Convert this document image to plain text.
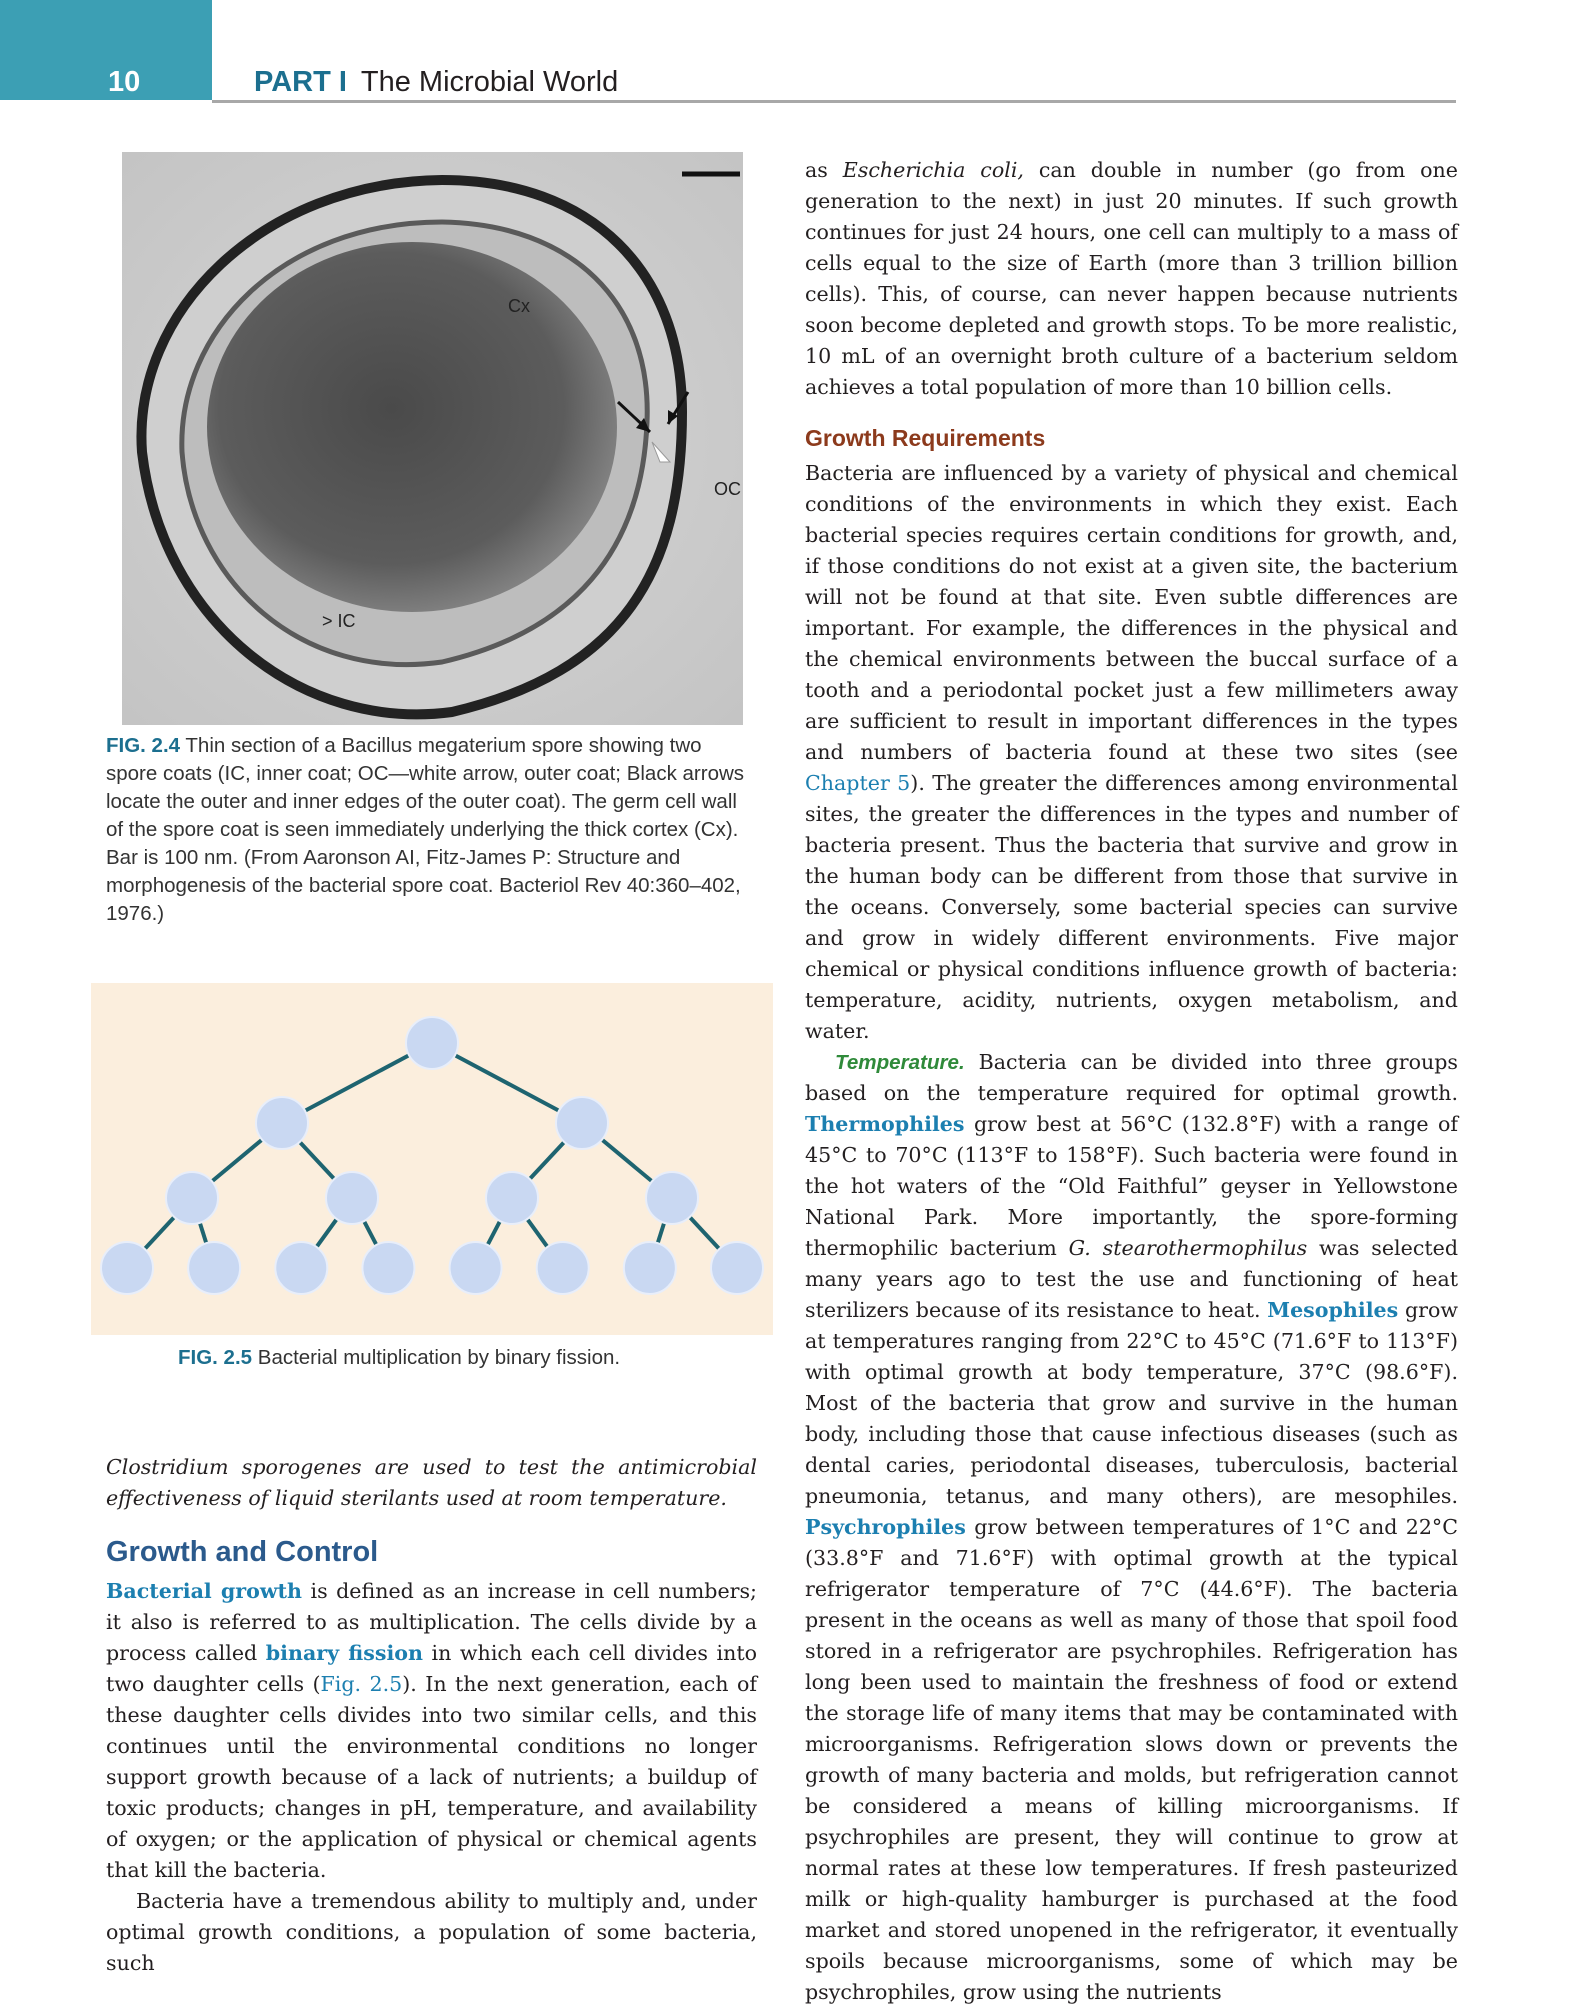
10	PART I The Microbial World
Cx
OC
> IC
FIG. 2.4 Thin section of a Bacillus megaterium spore showing two spore coats (IC, inner coat; OC—white arrow, outer coat; Black arrows locate the outer and inner edges of the outer coat). The germ cell wall of the spore coat is seen immediately underlying the thick cortex (Cx). Bar is 100 nm. (From Aaronson AI, Fitz-James P: Structure and morphogenesis of the bacterial spore coat. Bacteriol Rev 40:360–402, 1976.)
FIG. 2.5 Bacterial multiplication by binary fission.

Clostridium sporogenes are used to test the antimicrobial effectiveness of liquid sterilants used at room temperature.

Growth and Control

Bacterial growth is defined as an increase in cell numbers; it also is referred to as multiplication. The cells divide by a process called binary fission in which each cell divides into two daughter cells (Fig. 2.5). In the next generation, each of these daughter cells divides into two similar cells, and this continues until the environmental conditions no longer support growth because of a lack of nutrients; a buildup of toxic products; changes in pH, temperature, and availability of oxygen; or the application of physical or chemical agents that kill the bacteria.

Bacteria have a tremendous ability to multiply and, under optimal growth conditions, a population of some bacteria, such

as Escherichia coli, can double in number (go from one generation to the next) in just 20 minutes. If such growth continues for just 24 hours, one cell can multiply to a mass of cells equal to the size of Earth (more than 3 trillion billion cells). This, of course, can never happen because nutrients soon become depleted and growth stops. To be more realistic, 10 mL of an overnight broth culture of a bacterium seldom achieves a total population of more than 10 billion cells.

Growth Requirements

Bacteria are influenced by a variety of physical and chemical conditions of the environments in which they exist. Each bacterial species requires certain conditions for growth, and, if those conditions do not exist at a given site, the bacterium will not be found at that site. Even subtle differences are important. For example, the differences in the physical and the chemical environments between the buccal surface of a tooth and a periodontal pocket just a few millimeters away are sufficient to result in important differences in the types and numbers of bacteria found at these two sites (see Chapter 5). The greater the differences among environmental sites, the greater the differences in the types and number of bacteria present. Thus the bacteria that survive and grow in the human body can be different from those that survive in the oceans. Conversely, some bacterial species can survive and grow in widely different environments. Five major chemical or physical conditions influence growth of bacteria: temperature, acidity, nutrients, oxygen metabolism, and water.

Temperature. Bacteria can be divided into three groups based on the temperature required for optimal growth. Thermophiles grow best at 56°C (132.8°F) with a range of 45°C to 70°C (113°F to 158°F). Such bacteria were found in the hot waters of the “Old Faithful” geyser in Yellowstone National Park. More importantly, the spore-forming thermophilic bacterium G. stearothermophilus was selected many years ago to test the use and functioning of heat sterilizers because of its resistance to heat. Mesophiles grow at temperatures ranging from 22°C to 45°C (71.6°F to 113°F) with optimal growth at body temperature, 37°C (98.6°F). Most of the bacteria that grow and survive in the human body, including those that cause infectious diseases (such as dental caries, periodontal diseases, tuberculosis, bacterial pneumonia, tetanus, and many others), are mesophiles. Psychrophiles grow between temperatures of 1°C and 22°C (33.8°F and 71.6°F) with optimal growth at the typical refrigerator temperature of 7°C (44.6°F). The bacteria present in the oceans as well as many of those that spoil food stored in a refrigerator are psychrophiles. Refrigeration has long been used to maintain the freshness of food or extend the storage life of many items that may be contaminated with microorganisms. Refrigeration slows down or prevents the growth of many bacteria and molds, but refrigeration cannot be considered a means of killing microorganisms. If psychrophiles are present, they will continue to grow at normal rates at these low temperatures. If fresh pasteurized milk or high-quality hamburger is purchased at the food market and stored unopened in the refrigerator, it eventually spoils because microorganisms, some of which may be psychrophiles, grow using the nutrients
